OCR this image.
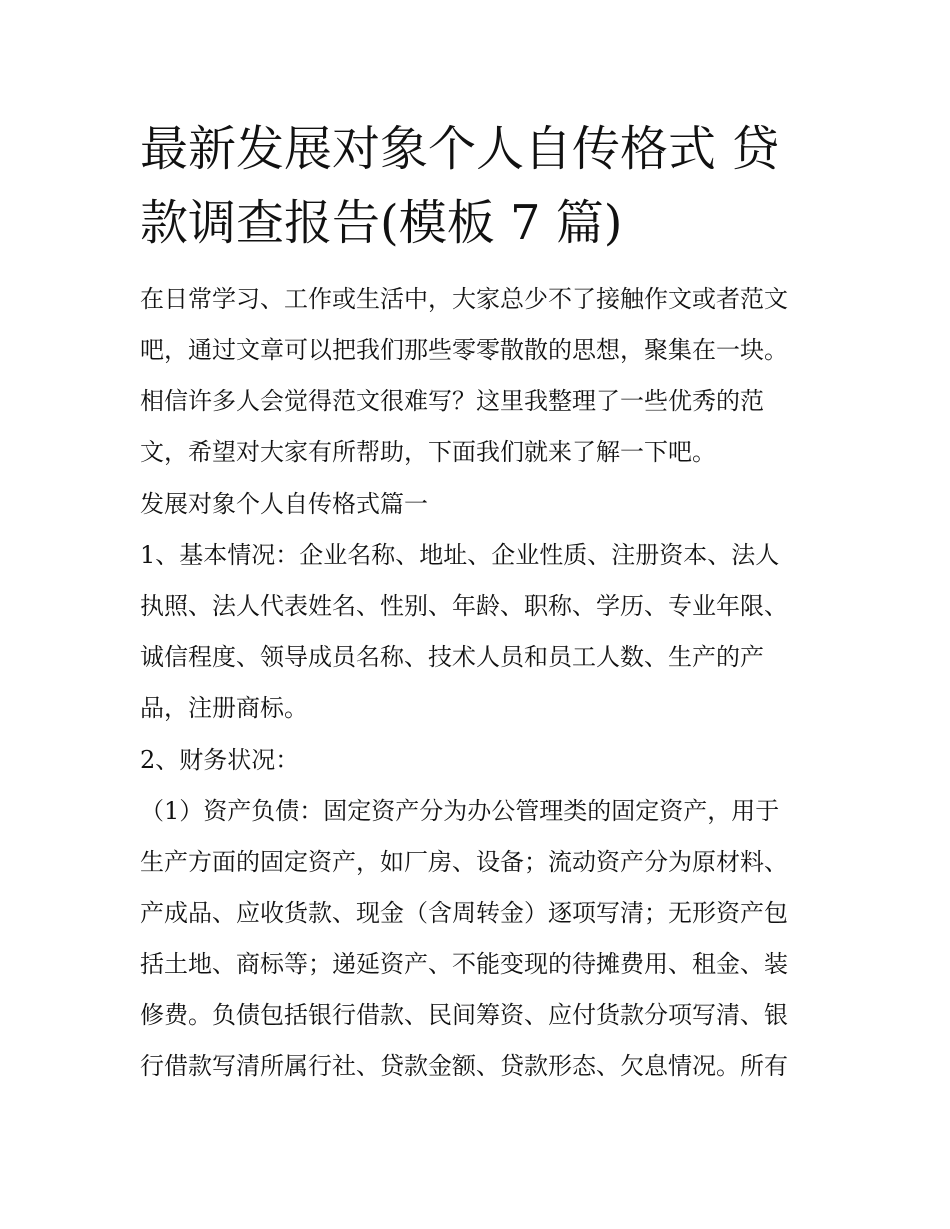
最新发展对象个人自传格式 贷
款调查报告(模板 7 篇)

在日常学习、工作或生活中，大家总少不了接触作文或者范文

吧，通过文章可以把我们那些零零散散的思想，聚集在一块。

相信许多人会觉得范文很难写？这里我整理了一些优秀的范

文，希望对大家有所帮助，下面我们就来了解一下吧。

发展对象个人自传格式篇一

1、基本情况：企业名称、地址、企业性质、注册资本、法人

执照、法人代表姓名、性别、年龄、职称、学历、专业年限、

诚信程度、领导成员名称、技术人员和员工人数、生产的产

品，注册商标。

2、财务状况：

（1）资产负债：固定资产分为办公管理类的固定资产，用于

生产方面的固定资产，如厂房、设备；流动资产分为原材料、

产成品、应收货款、现金（含周转金）逐项写清；无形资产包

括土地、商标等；递延资产、不能变现的待摊费用、租金、装

修费。负债包括银行借款、民间筹资、应付货款分项写清、银

行借款写清所属行社、贷款金额、贷款形态、欠息情况。所有
